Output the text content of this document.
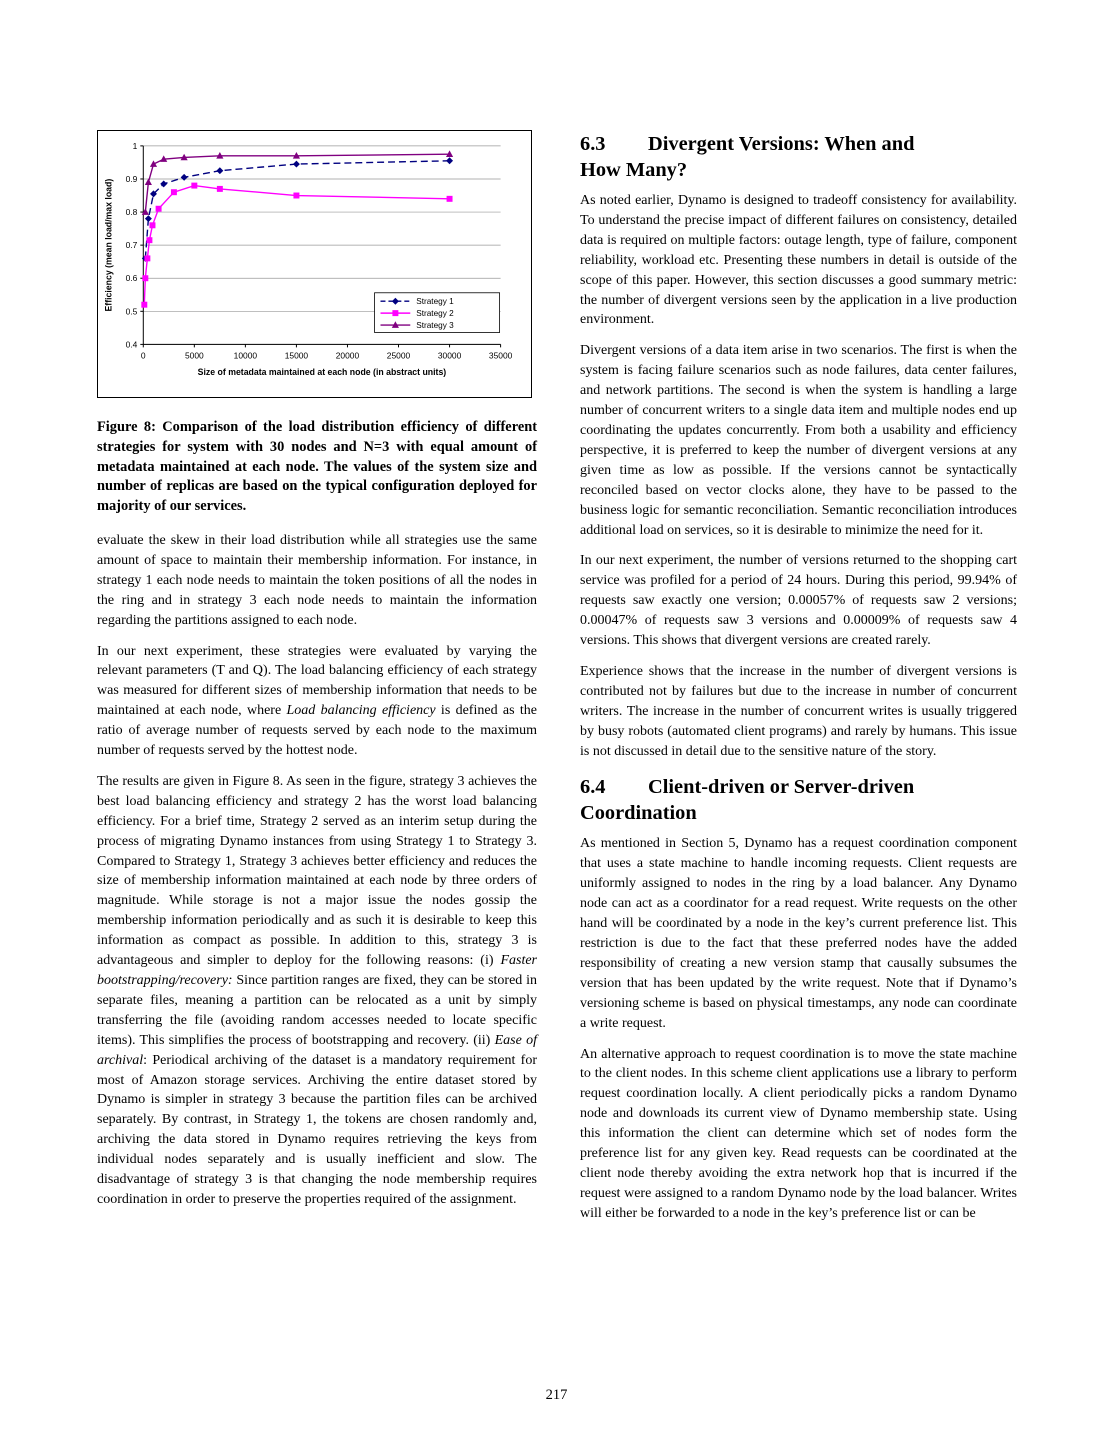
0.4
0.5
0.6
0.7
0.8
0.9
1
0	5000	10000	15000	20000	25000	30000	35000
Size of metadata maintained at each node (in abstract units)
Efficiency (mean load/max load)	Strategy 1
Strategy 2
Strategy 3

Figure 8: Comparison of the load distribution efficiency of different strategies for system with 30 nodes and N=3 with equal amount of metadata maintained at each node. The values of the system size and number of replicas are based on the typical configuration deployed for majority of our services.

evaluate the skew in their load distribution while all strategies use the same amount of space to maintain their membership information. For instance, in strategy 1 each node needs to maintain the token positions of all the nodes in the ring and in strategy 3 each node needs to maintain the information regarding the partitions assigned to each node.

In our next experiment, these strategies were evaluated by varying the relevant parameters (T and Q). The load balancing efficiency of each strategy was measured for different sizes of membership information that needs to be maintained at each node, where Load balancing efficiency is defined as the ratio of average number of requests served by each node to the maximum number of requests served by the hottest node.

The results are given in Figure 8. As seen in the figure, strategy 3 achieves the best load balancing efficiency and strategy 2 has the worst load balancing efficiency. For a brief time, Strategy 2 served as an interim setup during the process of migrating Dynamo instances from using Strategy 1 to Strategy 3. Compared to Strategy 1, Strategy 3 achieves better efficiency and reduces the size of membership information maintained at each node by three orders of magnitude. While storage is not a major issue the nodes gossip the membership information periodically and as such it is desirable to keep this information as compact as possible. In addition to this, strategy 3 is advantageous and simpler to deploy for the following reasons: (i) Faster bootstrapping/recovery: Since partition ranges are fixed, they can be stored in separate files, meaning a partition can be relocated as a unit by simply transferring the file (avoiding random accesses needed to locate specific items). This simplifies the process of bootstrapping and recovery. (ii) Ease of archival: Periodical archiving of the dataset is a mandatory requirement for most of Amazon storage services. Archiving the entire dataset stored by Dynamo is simpler in strategy 3 because the partition files can be archived separately. By contrast, in Strategy 1, the tokens are chosen randomly and, archiving the data stored in Dynamo requires retrieving the keys from individual nodes separately and is usually inefficient and slow. The disadvantage of strategy 3 is that changing the node membership requires coordination in order to preserve the properties required of the assignment.

6.3 Divergent Versions: When and How Many?

As noted earlier, Dynamo is designed to tradeoff consistency for availability. To understand the precise impact of different failures on consistency, detailed data is required on multiple factors: outage length, type of failure, component reliability, workload etc. Presenting these numbers in detail is outside of the scope of this paper. However, this section discusses a good summary metric: the number of divergent versions seen by the application in a live production environment.

Divergent versions of a data item arise in two scenarios. The first is when the system is facing failure scenarios such as node failures, data center failures, and network partitions. The second is when the system is handling a large number of concurrent writers to a single data item and multiple nodes end up coordinating the updates concurrently. From both a usability and efficiency perspective, it is preferred to keep the number of divergent versions at any given time as low as possible. If the versions cannot be syntactically reconciled based on vector clocks alone, they have to be passed to the business logic for semantic reconciliation. Semantic reconciliation introduces additional load on services, so it is desirable to minimize the need for it.

In our next experiment, the number of versions returned to the shopping cart service was profiled for a period of 24 hours. During this period, 99.94% of requests saw exactly one version; 0.00057% of requests saw 2 versions; 0.00047% of requests saw 3 versions and 0.00009% of requests saw 4 versions. This shows that divergent versions are created rarely.

Experience shows that the increase in the number of divergent versions is contributed not by failures but due to the increase in number of concurrent writers. The increase in the number of concurrent writes is usually triggered by busy robots (automated client programs) and rarely by humans. This issue is not discussed in detail due to the sensitive nature of the story.

6.4 Client-driven or Server-driven Coordination

As mentioned in Section 5, Dynamo has a request coordination component that uses a state machine to handle incoming requests. Client requests are uniformly assigned to nodes in the ring by a load balancer. Any Dynamo node can act as a coordinator for a read request. Write requests on the other hand will be coordinated by a node in the key’s current preference list. This restriction is due to the fact that these preferred nodes have the added responsibility of creating a new version stamp that causally subsumes the version that has been updated by the write request. Note that if Dynamo’s versioning scheme is based on physical timestamps, any node can coordinate a write request.

An alternative approach to request coordination is to move the state machine to the client nodes. In this scheme client applications use a library to perform request coordination locally. A client periodically picks a random Dynamo node and downloads its current view of Dynamo membership state. Using this information the client can determine which set of nodes form the preference list for any given key. Read requests can be coordinated at the client node thereby avoiding the extra network hop that is incurred if the request were assigned to a random Dynamo node by the load balancer. Writes will either be forwarded to a node in the key’s preference list or can be

217
